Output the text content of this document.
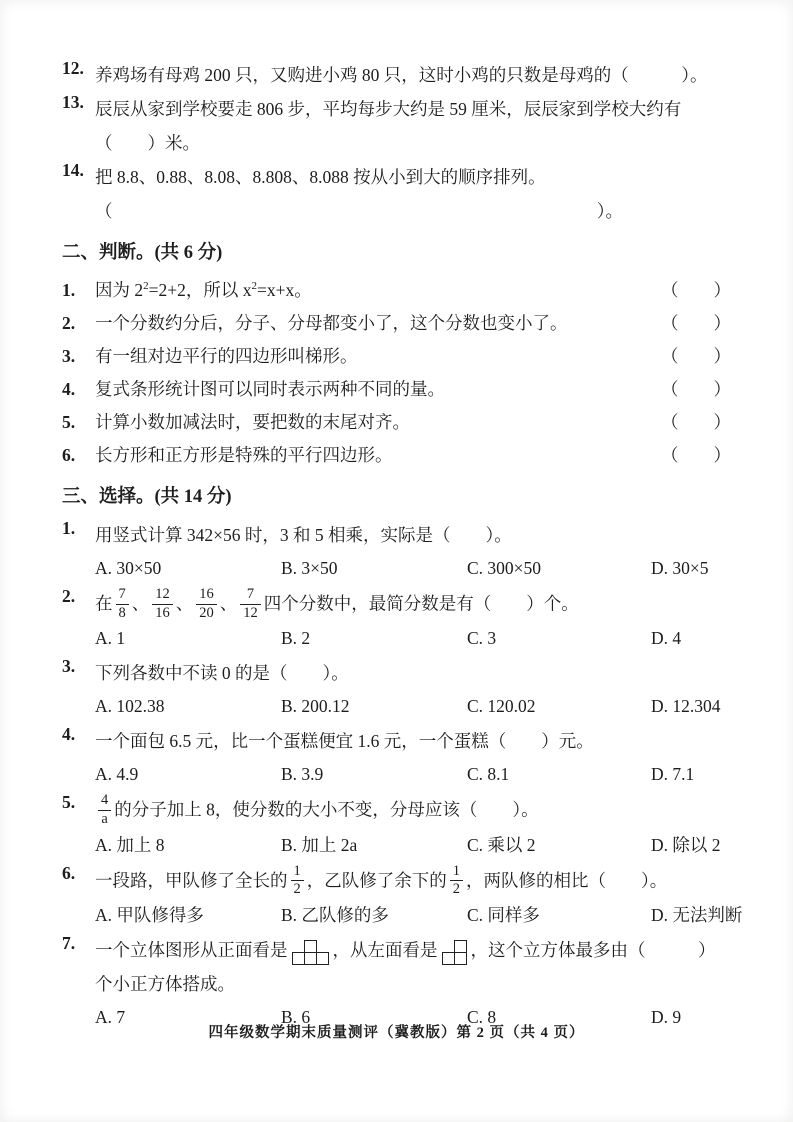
12. 养鸡场有母鸡 200 只，又购进小鸡 80 只，这时小鸡的只数是母鸡的（　　　）。
13. 辰辰从家到学校要走 806 步，平均每步大约是 59 厘米，辰辰家到学校大约有
（　　）米。
14. 把 8.8、0.88、8.08、8.808、8.088 按从小到大的顺序排列。
（	）。
二、判断。(共 6 分)
1.	因为 $2^2=2+2$，所以 $x^2=x+x$。	（　　）
2.	一个分数约分后，分子、分母都变小了，这个分数也变小了。	（　　）
3.	有一组对边平行的四边形叫梯形。	（　　）
4.	复式条形统计图可以同时表示两种不同的量。	（　　）
5.	计算小数加减法时，要把数的末尾对齐。	（　　）
6.	长方形和正方形是特殊的平行四边形。	（　　）
三、选择。(共 14 分)
1.	用竖式计算 342×56 时，3 和 5 相乘，实际是（　　）。
A. 30×50	B. 3×50	C. 300×50	D. 30×5
2.	在 $\frac{7}{8}$ 、 $\frac{12}{16}$ 、 $\frac{16}{20}$ 、 $\frac{7}{12}$ 四个分数中，最简分数是有（　　）个。
A. 1	B. 2	C. 3	D. 4
3.	下列各数中不读 0 的是（　　）。
A. 102.38	B. 200.12	C. 120.02	D. 12.304
4.	一个面包 6.5 元，比一个蛋糕便宜 1.6 元，一个蛋糕（　　）元。
A. 4.9	B. 3.9	C. 8.1	D. 7.1
5.	$\frac{4}{a}$ 的分子加上 8，使分数的大小不变，分母应该（　　）。
A. 加上 8	B. 加上 2a	C. 乘以 2	D. 除以 2
6.	一段路，甲队修了全长的 $\frac{1}{2}$ ，乙队修了余下的 $\frac{1}{2}$ ，两队修的相比（　　）。
A. 甲队修得多	B. 乙队修的多	C. 同样多	D. 无法判断
7.	一个立体图形从正面看是	，从左面看是 ，这个立方体最多由（　　　）
个小正方体搭成。
A. 7	B. 6	C. 8	D. 9
四年级数学期末质量测评（冀教版）第 2 页（共 4 页）
